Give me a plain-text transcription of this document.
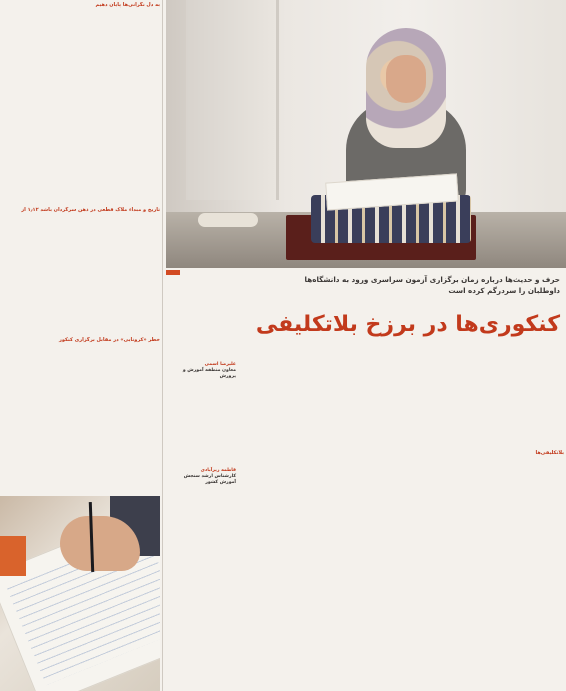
به دل نگرانی‌ها پایان دهیم
تاریخ و مبداء ملاک قطعی در ذهن سرگردان باشد ۱٫۱۲ از
خطر «کرونایی» در مقابل برگزاری کنکور
حرف و حدیث‌ها درباره زمان برگزاری آزمون سراسری ورود به دانشگاه‌ها داوطلبان را سردرگم کرده است
کنکوری‌ها در برزخ بلاتکلیفی
علیرضا اسمی
معاون منطقه آموزش و پرورش
فاطمه زیرآبادی
کارشناس ارشد سنجش آموزش کشور
بلاتکلیفی‌ها
